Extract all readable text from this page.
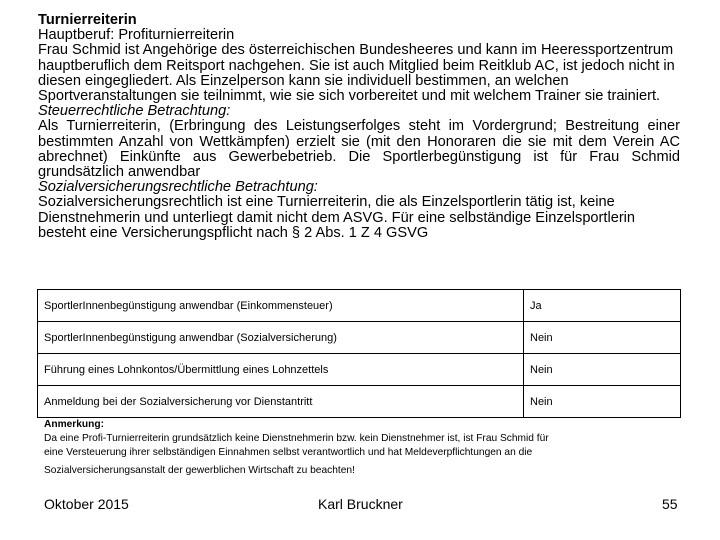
Turnierreiterin

Hauptberuf: Profiturnierreiterin

Frau Schmid ist Angehörige des österreichischen Bundesheeres und kann im Heeressportzentrum hauptberuflich dem Reitsport nachgehen. Sie ist auch Mitglied beim Reitklub AC, ist jedoch nicht in diesen eingegliedert. Als Einzelperson kann sie individuell bestimmen, an welchen Sportveranstaltungen sie teilnimmt, wie sie sich vorbereitet und mit welchem Trainer sie trainiert.

Steuerrechtliche Betrachtung:

Als Turnierreiterin, (Erbringung des Leistungserfolges steht im Vordergrund; Bestreitung einer bestimmten Anzahl von Wettkämpfen) erzielt sie (mit den Honoraren die sie mit dem Verein AC abrechnet) Einkünfte aus Gewerbebetrieb. Die Sportlerbegünstigung ist für Frau Schmid grundsätzlich anwendbar

Sozialversicherungsrechtliche Betrachtung:

Sozialversicherungsrechtlich ist eine Turnierreiterin, die als Einzelsportlerin tätig ist, keine Dienstnehmerin und unterliegt damit nicht dem ASVG. Für eine selbständige Einzelsportlerin besteht eine Versicherungspflicht nach § 2 Abs. 1 Z 4 GSVG

SportlerInnenbegünstigung anwendbar (Einkommensteuer)	Ja
SportlerInnenbegünstigung anwendbar (Sozialversicherung)	Nein
Führung eines Lohnkontos/Übermittlung eines Lohnzettels	Nein
Anmeldung bei der Sozialversicherung vor Dienstantritt	Nein
Anmerkung:
Da eine Profi-Turnierreiterin grundsätzlich keine Dienstnehmerin bzw. kein Dienstnehmer ist, ist Frau Schmid für
eine Versteuerung ihrer selbständigen Einnahmen selbst verantwortlich und hat Meldeverpflichtungen an die
Sozialversicherungsanstalt der gewerblichen Wirtschaft zu beachten!
Oktober 2015	Karl Bruckner	55
